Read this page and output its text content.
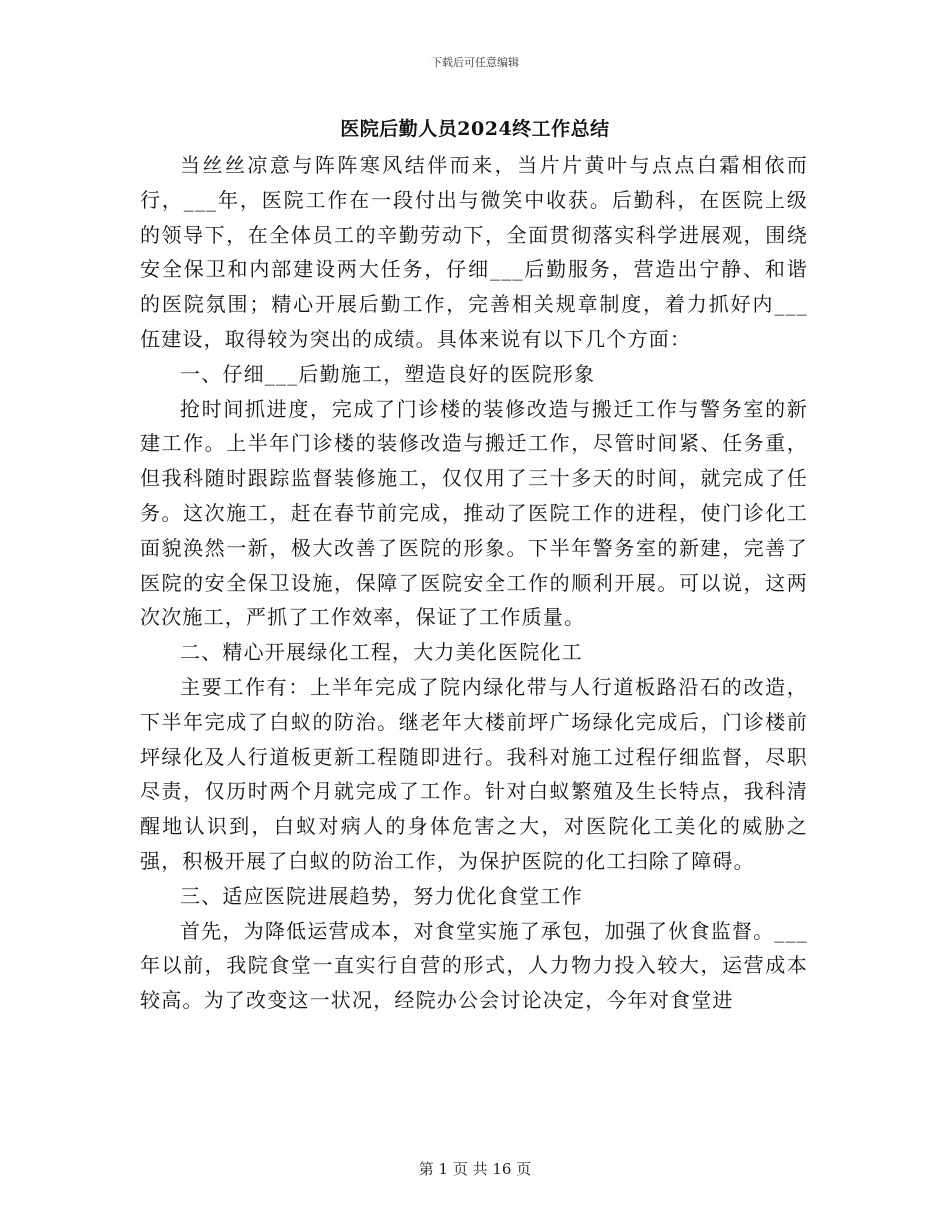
下载后可任意编辑
医院后勤人员2024终工作总结

当丝丝凉意与阵阵寒风结伴而来，当片片黄叶与点点白霜相依而行，___年，医院工作在一段付出与微笑中收获。后勤科，在医院上级的领导下，在全体员工的辛勤劳动下，全面贯彻落实科学进展观，围绕安全保卫和内部建设两大任务，仔细___后勤服务，营造出宁静、和谐的医院氛围；精心开展后勤工作，完善相关规章制度，着力抓好内___伍建设，取得较为突出的成绩。具体来说有以下几个方面：

一、仔细___后勤施工，塑造良好的医院形象

抢时间抓进度，完成了门诊楼的装修改造与搬迁工作与警务室的新建工作。上半年门诊楼的装修改造与搬迁工作，尽管时间紧、任务重，但我科随时跟踪监督装修施工，仅仅用了三十多天的时间，就完成了任务。这次施工，赶在春节前完成，推动了医院工作的进程，使门诊化工面貌涣然一新，极大改善了医院的形象。下半年警务室的新建，完善了医院的安全保卫设施，保障了医院安全工作的顺利开展。可以说，这两次次施工，严抓了工作效率，保证了工作质量。

二、精心开展绿化工程，大力美化医院化工

主要工作有：上半年完成了院内绿化带与人行道板路沿石的改造，下半年完成了白蚁的防治。继老年大楼前坪广场绿化完成后，门诊楼前坪绿化及人行道板更新工程随即进行。我科对施工过程仔细监督，尽职尽责，仅历时两个月就完成了工作。针对白蚁繁殖及生长特点，我科清醒地认识到，白蚁对病人的身体危害之大，对医院化工美化的威胁之强，积极开展了白蚁的防治工作，为保护医院的化工扫除了障碍。

三、适应医院进展趋势，努力优化食堂工作

首先，为降低运营成本，对食堂实施了承包，加强了伙食监督。___年以前，我院食堂一直实行自营的形式，人力物力投入较大，运营成本较高。为了改变这一状况，经院办公会讨论决定，今年对食堂进

第 1 页 共 16 页
